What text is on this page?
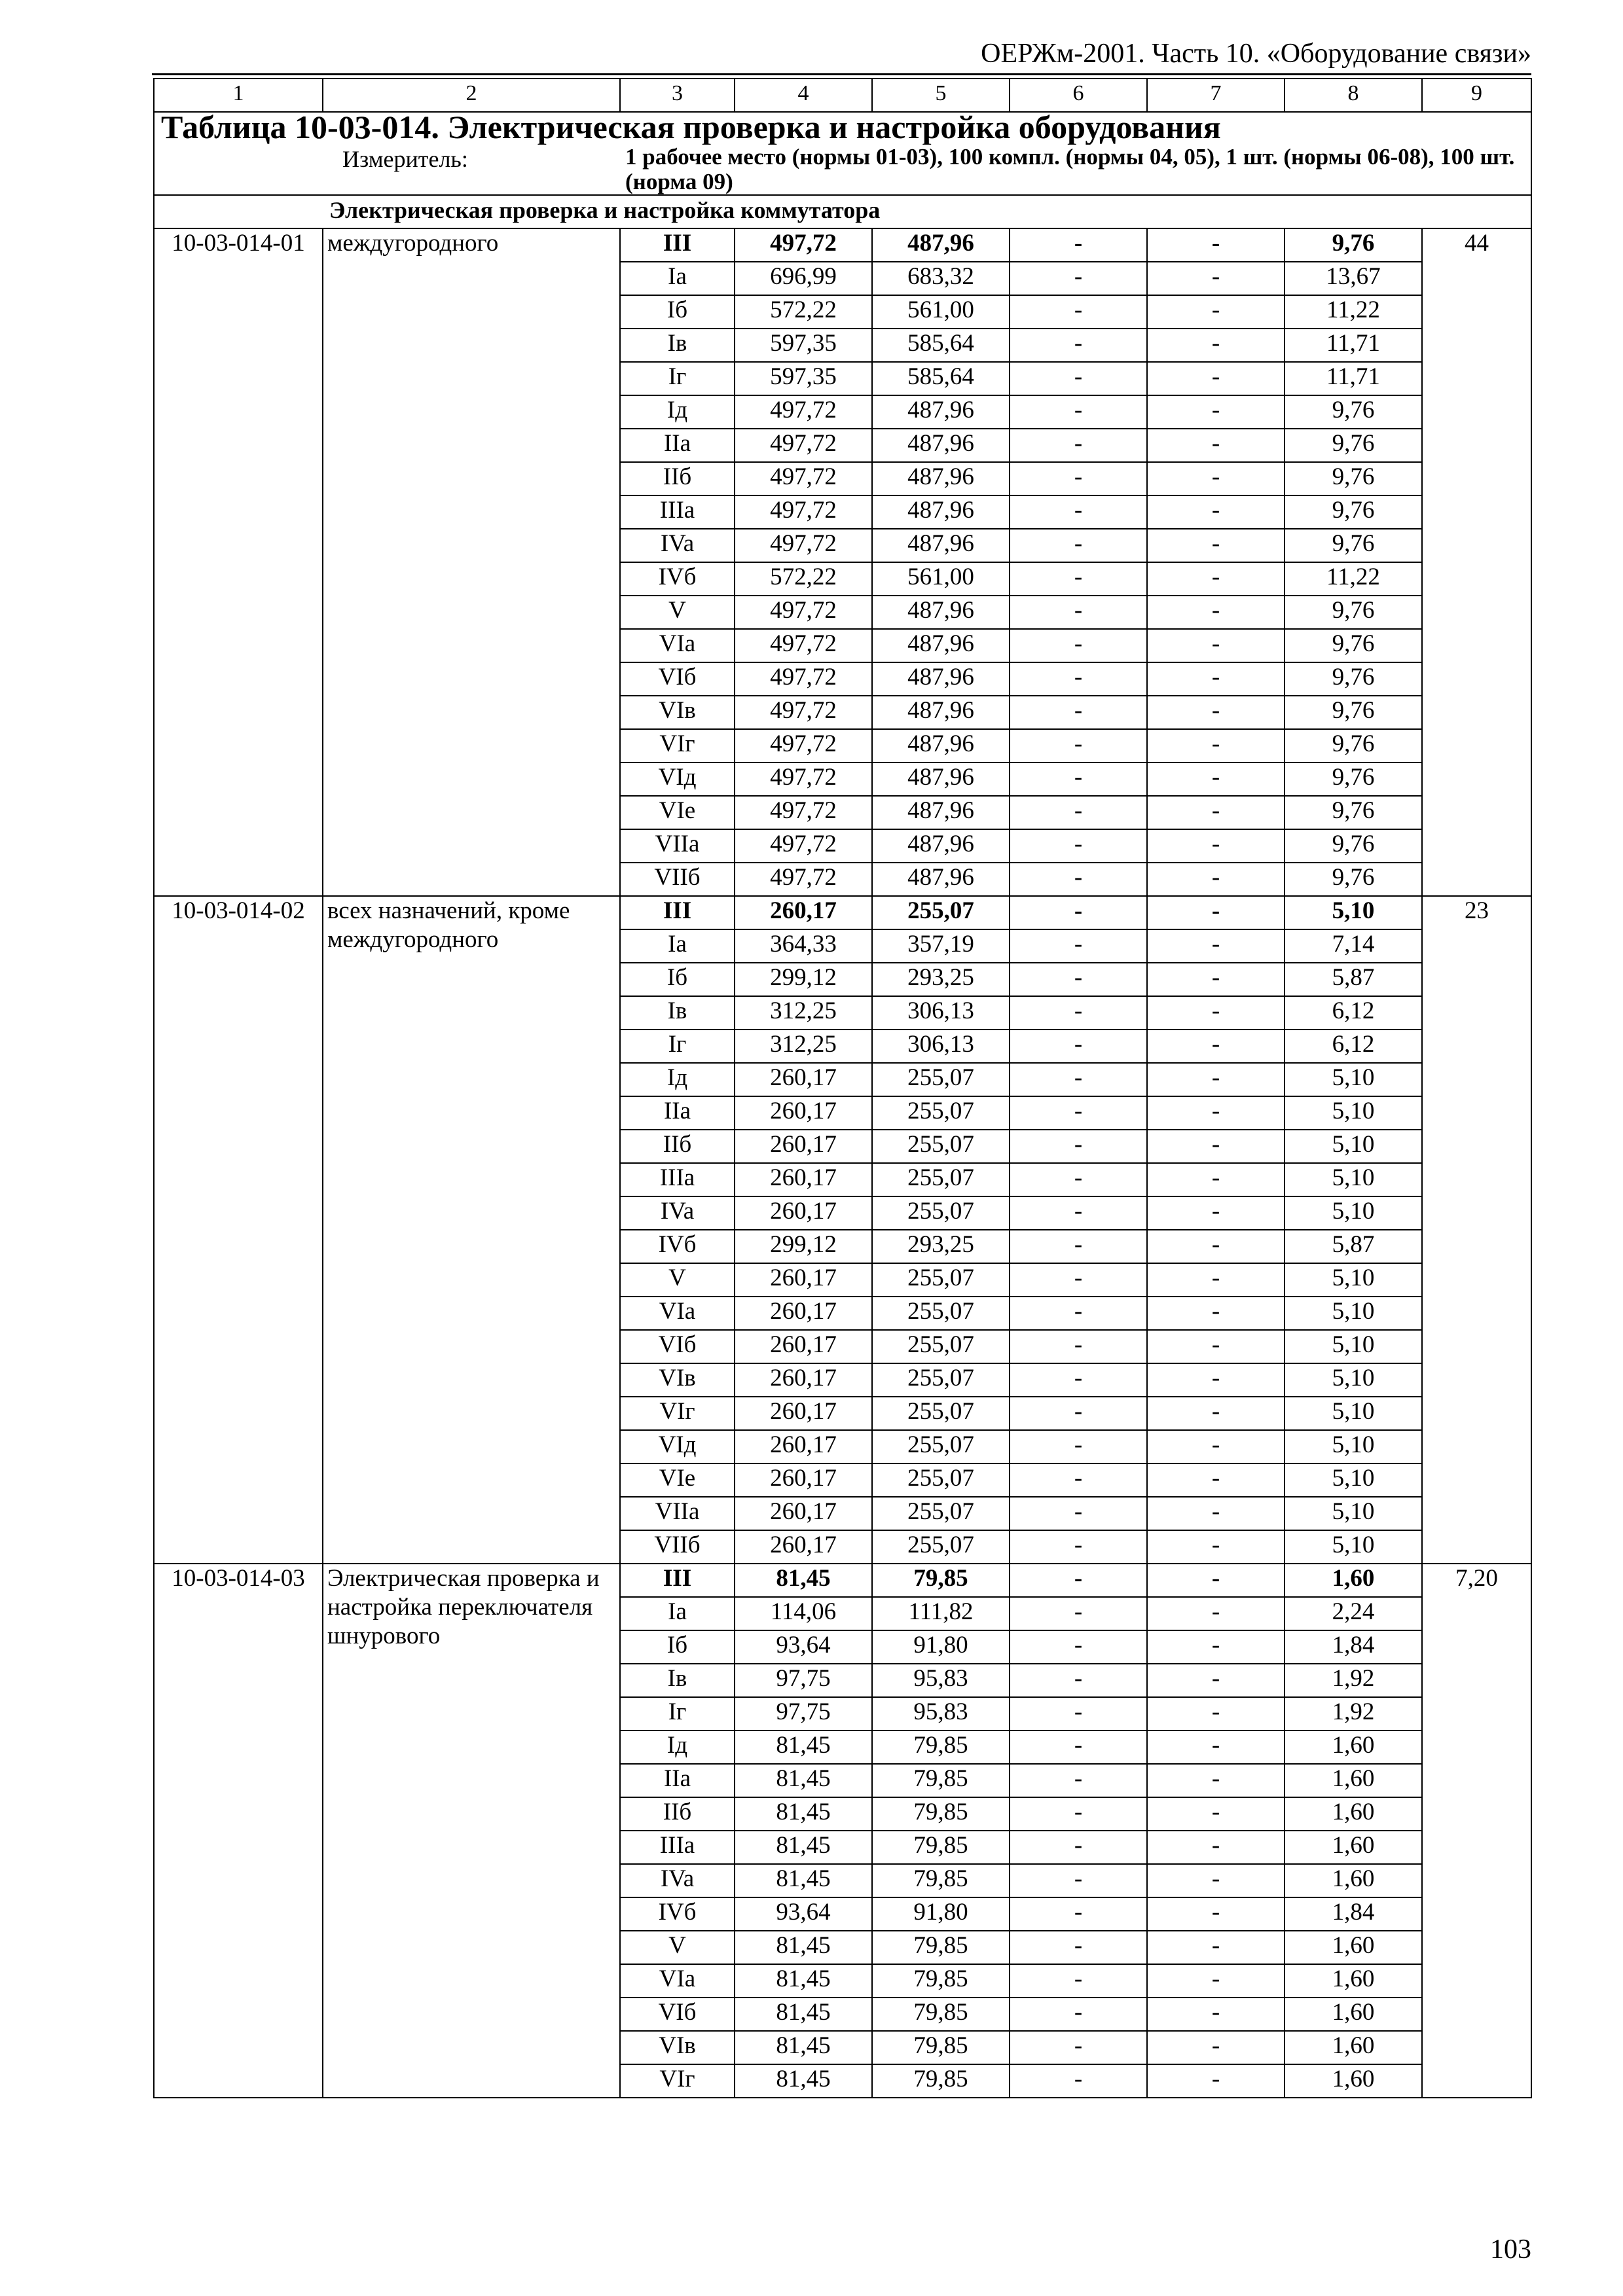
ОЕРЖм-2001. Часть 10. «Оборудование связи»
1	2	3	4	5	6	7	8	9
Таблица 10-03-014. Электрическая проверка и настройка оборудования								
	Измеритель:	1 рабочее место (нормы 01-03), 100 компл. (нормы 04, 05), 1 шт. (нормы 06-08), 100 шт. (норма 09)						
	Электрическая проверка и настройка коммутатора							
10-03-014-01	междугородного	III	497,72	487,96	-	-	9,76	44
		Ia	696,99	683,32	-	-	13,67	
		Iб	572,22	561,00	-	-	11,22	
		Iв	597,35	585,64	-	-	11,71	
		Iг	597,35	585,64	-	-	11,71	
		Iд	497,72	487,96	-	-	9,76	
		IIa	497,72	487,96	-	-	9,76	
		IIб	497,72	487,96	-	-	9,76	
		IIIa	497,72	487,96	-	-	9,76	
		IVa	497,72	487,96	-	-	9,76	
		IVб	572,22	561,00	-	-	11,22	
		V	497,72	487,96	-	-	9,76	
		VIa	497,72	487,96	-	-	9,76	
		VIб	497,72	487,96	-	-	9,76	
		VIв	497,72	487,96	-	-	9,76	
		VIг	497,72	487,96	-	-	9,76	
		VIд	497,72	487,96	-	-	9,76	
		VIe	497,72	487,96	-	-	9,76	
		VIIa	497,72	487,96	-	-	9,76	
		VIIб	497,72	487,96	-	-	9,76	
10-03-014-02	всех назначений, кроме междугородного	III	260,17	255,07	-	-	5,10	23
		Ia	364,33	357,19	-	-	7,14	
		Iб	299,12	293,25	-	-	5,87	
		Iв	312,25	306,13	-	-	6,12	
		Iг	312,25	306,13	-	-	6,12	
		Iд	260,17	255,07	-	-	5,10	
		IIa	260,17	255,07	-	-	5,10	
		IIб	260,17	255,07	-	-	5,10	
		IIIa	260,17	255,07	-	-	5,10	
		IVa	260,17	255,07	-	-	5,10	
		IVб	299,12	293,25	-	-	5,87	
		V	260,17	255,07	-	-	5,10	
		VIa	260,17	255,07	-	-	5,10	
		VIб	260,17	255,07	-	-	5,10	
		VIв	260,17	255,07	-	-	5,10	
		VIг	260,17	255,07	-	-	5,10	
		VIд	260,17	255,07	-	-	5,10	
		VIe	260,17	255,07	-	-	5,10	
		VIIa	260,17	255,07	-	-	5,10	
		VIIб	260,17	255,07	-	-	5,10	
10-03-014-03	Электрическая проверка и настройка переключателя шнурового	III	81,45	79,85	-	-	1,60	7,20
		Ia	114,06	111,82	-	-	2,24	
		Iб	93,64	91,80	-	-	1,84	
		Iв	97,75	95,83	-	-	1,92	
		Iг	97,75	95,83	-	-	1,92	
		Iд	81,45	79,85	-	-	1,60	
		IIa	81,45	79,85	-	-	1,60	
		IIб	81,45	79,85	-	-	1,60	
		IIIa	81,45	79,85	-	-	1,60	
		IVa	81,45	79,85	-	-	1,60	
		IVб	93,64	91,80	-	-	1,84	
		V	81,45	79,85	-	-	1,60	
		VIa	81,45	79,85	-	-	1,60	
		VIб	81,45	79,85	-	-	1,60	
		VIв	81,45	79,85	-	-	1,60	
		VIг	81,45	79,85	-	-	1,60	
103
